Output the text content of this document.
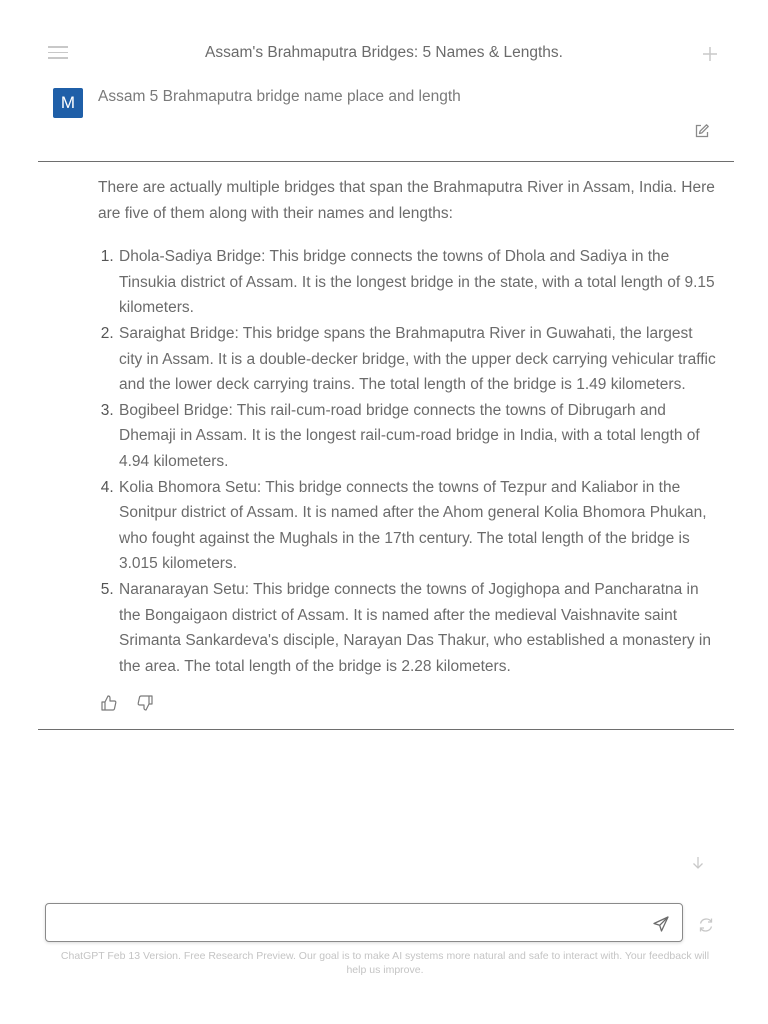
Assam's Brahmaputra Bridges: 5 Names & Lengths.
M	Assam 5 Brahmaputra bridge name place and length

There are actually multiple bridges that span the Brahmaputra River in Assam, India. Here are five of them along with their names and lengths:

1. Dhola-Sadiya Bridge: This bridge connects the towns of Dhola and Sadiya in the Tinsukia district of Assam. It is the longest bridge in the state, with a total length of 9.15 kilometers.
2. Saraighat Bridge: This bridge spans the Brahmaputra River in Guwahati, the largest city in Assam. It is a double-decker bridge, with the upper deck carrying vehicular traffic and the lower deck carrying trains. The total length of the bridge is 1.49 kilometers.
3. Bogibeel Bridge: This rail-cum-road bridge connects the towns of Dibrugarh and Dhemaji in Assam. It is the longest rail-cum-road bridge in India, with a total length of 4.94 kilometers.
4. Kolia Bhomora Setu: This bridge connects the towns of Tezpur and Kaliabor in the Sonitpur district of Assam. It is named after the Ahom general Kolia Bhomora Phukan, who fought against the Mughals in the 17th century. The total length of the bridge is 3.015 kilometers.
5. Naranarayan Setu: This bridge connects the towns of Jogighopa and Pancharatna in the Bongaigaon district of Assam. It is named after the medieval Vaishnavite saint Srimanta Sankardeva's disciple, Narayan Das Thakur, who established a monastery in the area. The total length of the bridge is 2.28 kilometers.

ChatGPT Feb 13 Version. Free Research Preview. Our goal is to make AI systems more natural and safe to interact with. Your feedback will help us improve.
